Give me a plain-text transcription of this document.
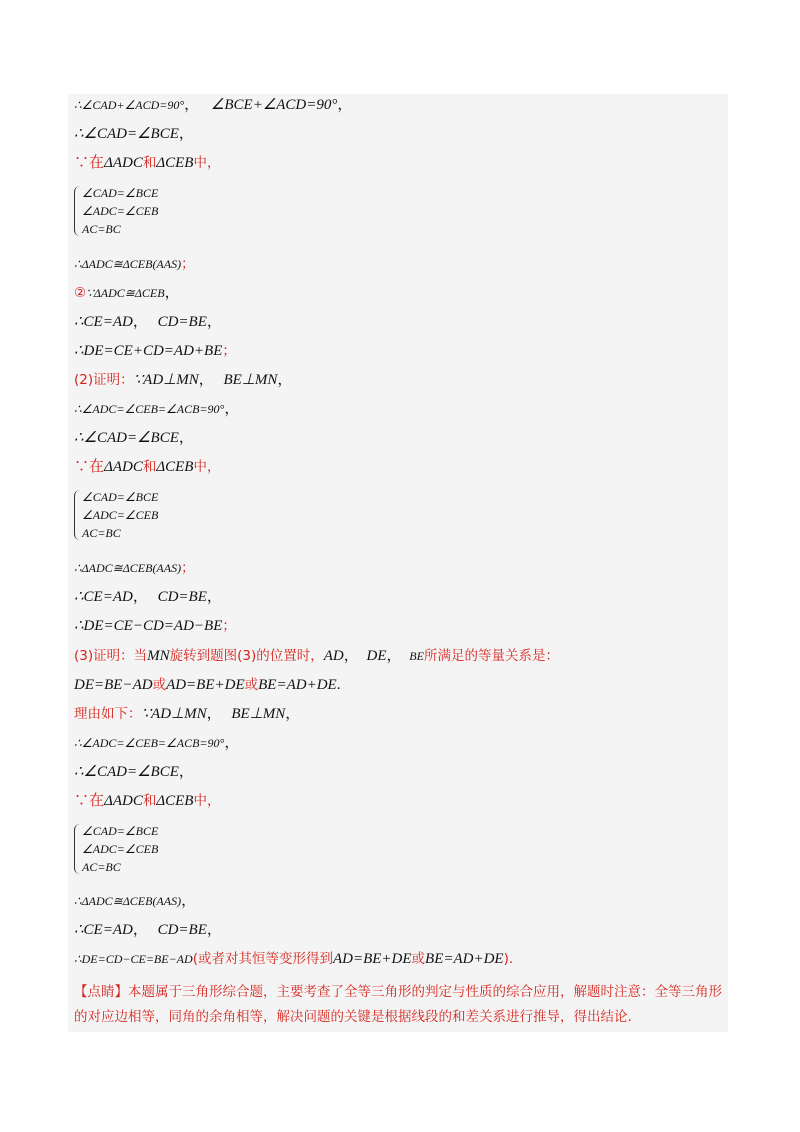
∴∠CAD+∠ACD=90°， ∠BCE+∠ACD=90°，
∴∠CAD=∠BCE，
∵在ΔADC和ΔCEB中，
∠CAD=∠BCE
∠ADC=∠CEB
AC=BC
∴ΔADC≅ΔCEB(AAS)；
②∵ΔADC≅ΔCEB，
∴CE=AD， CD=BE，
∴DE=CE+CD=AD+BE；
(2)证明：∵AD⊥MN， BE⊥MN，
∴∠ADC=∠CEB=∠ACB=90°，
∴∠CAD=∠BCE，
∵在ΔADC和ΔCEB中，
∠CAD=∠BCE
∠ADC=∠CEB
AC=BC
∴ΔADC≅ΔCEB(AAS)；
∴CE=AD， CD=BE，
∴DE=CE−CD=AD−BE；
(3)证明：当MN旋转到题图(3)的位置时，AD， DE， BE所满足的等量关系是：
DE=BE−AD或AD=BE+DE或BE=AD+DE.
理由如下：∵AD⊥MN， BE⊥MN，
∴∠ADC=∠CEB=∠ACB=90°，
∴∠CAD=∠BCE，
∵在ΔADC和ΔCEB中，
∠CAD=∠BCE
∠ADC=∠CEB
AC=BC
∴ΔADC≅ΔCEB(AAS)，
∴CE=AD， CD=BE，
∴DE=CD−CE=BE−AD(或者对其恒等变形得到AD=BE+DE或BE=AD+DE).
【点睛】本题属于三角形综合题，主要考查了全等三角形的判定与性质的综合应用，解题时注意：全等三角形的对应边相等，同角的余角相等，解决问题的关键是根据线段的和差关系进行推导，得出结论.
